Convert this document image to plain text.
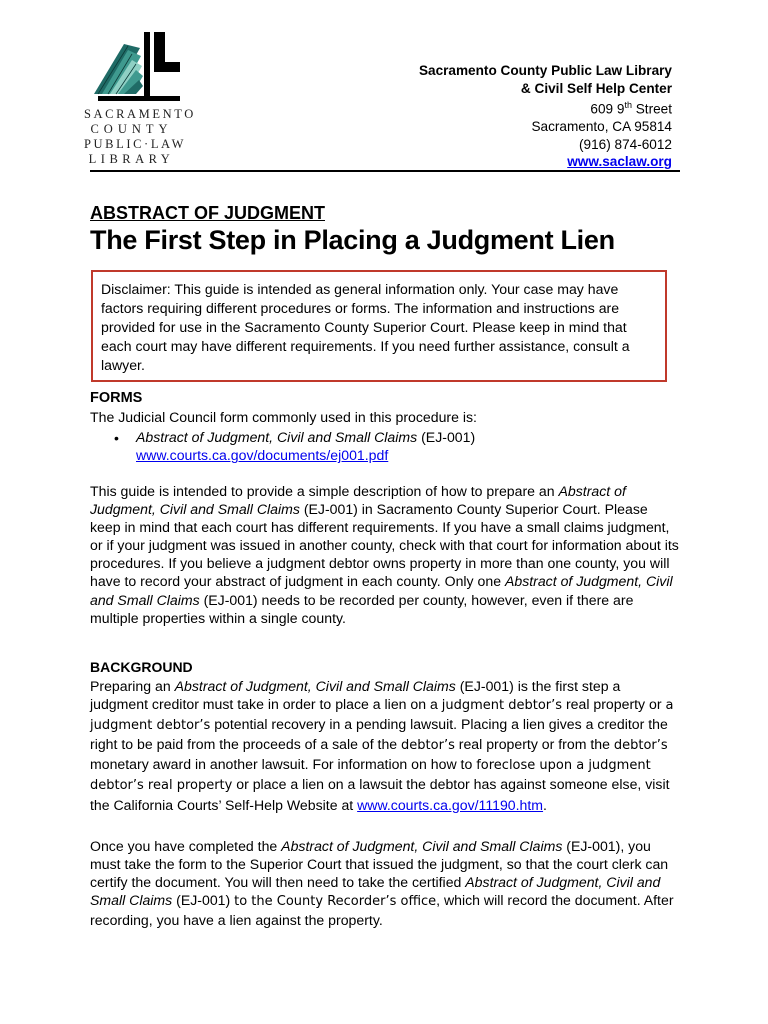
SACRAMENTO
COUNTY
PUBLIC·LAW
LIBRARY
Sacramento County Public Law Library
& Civil Self Help Center
609 9th Street
Sacramento, CA 95814
(916) 874-6012
www.saclaw.org
ABSTRACT OF JUDGMENT
The First Step in Placing a Judgment Lien
Disclaimer: This guide is intended as general information only. Your case may have factors requiring different procedures or forms. The information and instructions are provided for use in the Sacramento County Superior Court. Please keep in mind that each court may have different requirements. If you need further assistance, consult a lawyer.
FORMS
The Judicial Council form commonly used in this procedure is:
•	Abstract of Judgment, Civil and Small Claims (EJ-001)
www.courts.ca.gov/documents/ej001.pdf
This guide is intended to provide a simple description of how to prepare an Abstract of Judgment, Civil and Small Claims (EJ-001) in Sacramento County Superior Court. Please keep in mind that each court has different requirements. If you have a small claims judgment, or if your judgment was issued in another county, check with that court for information about its procedures. If you believe a judgment debtor owns property in more than one county, you will have to record your abstract of judgment in each county. Only one Abstract of Judgment, Civil and Small Claims (EJ-001) needs to be recorded per county, however, even if there are multiple properties within a single county.
BACKGROUND
Preparing an Abstract of Judgment, Civil and Small Claims (EJ-001) is the first step a judgment creditor must take in order to place a lien on a judgment debtor’s real property or a judgment debtor’s potential recovery in a pending lawsuit. Placing a lien gives a creditor the right to be paid from the proceeds of a sale of the debtor’s real property or from the debtor’s monetary award in another lawsuit. For information on how to foreclose upon a judgment debtor’s real property or place a lien on a lawsuit the debtor has against someone else, visit the California Courts’ Self-Help Website at www.courts.ca.gov/11190.htm.
Once you have completed the Abstract of Judgment, Civil and Small Claims (EJ-001), you must take the form to the Superior Court that issued the judgment, so that the court clerk can certify the document. You will then need to take the certified Abstract of Judgment, Civil and Small Claims (EJ-001) to the County Recorder’s office, which will record the document. After recording, you have a lien against the property.
